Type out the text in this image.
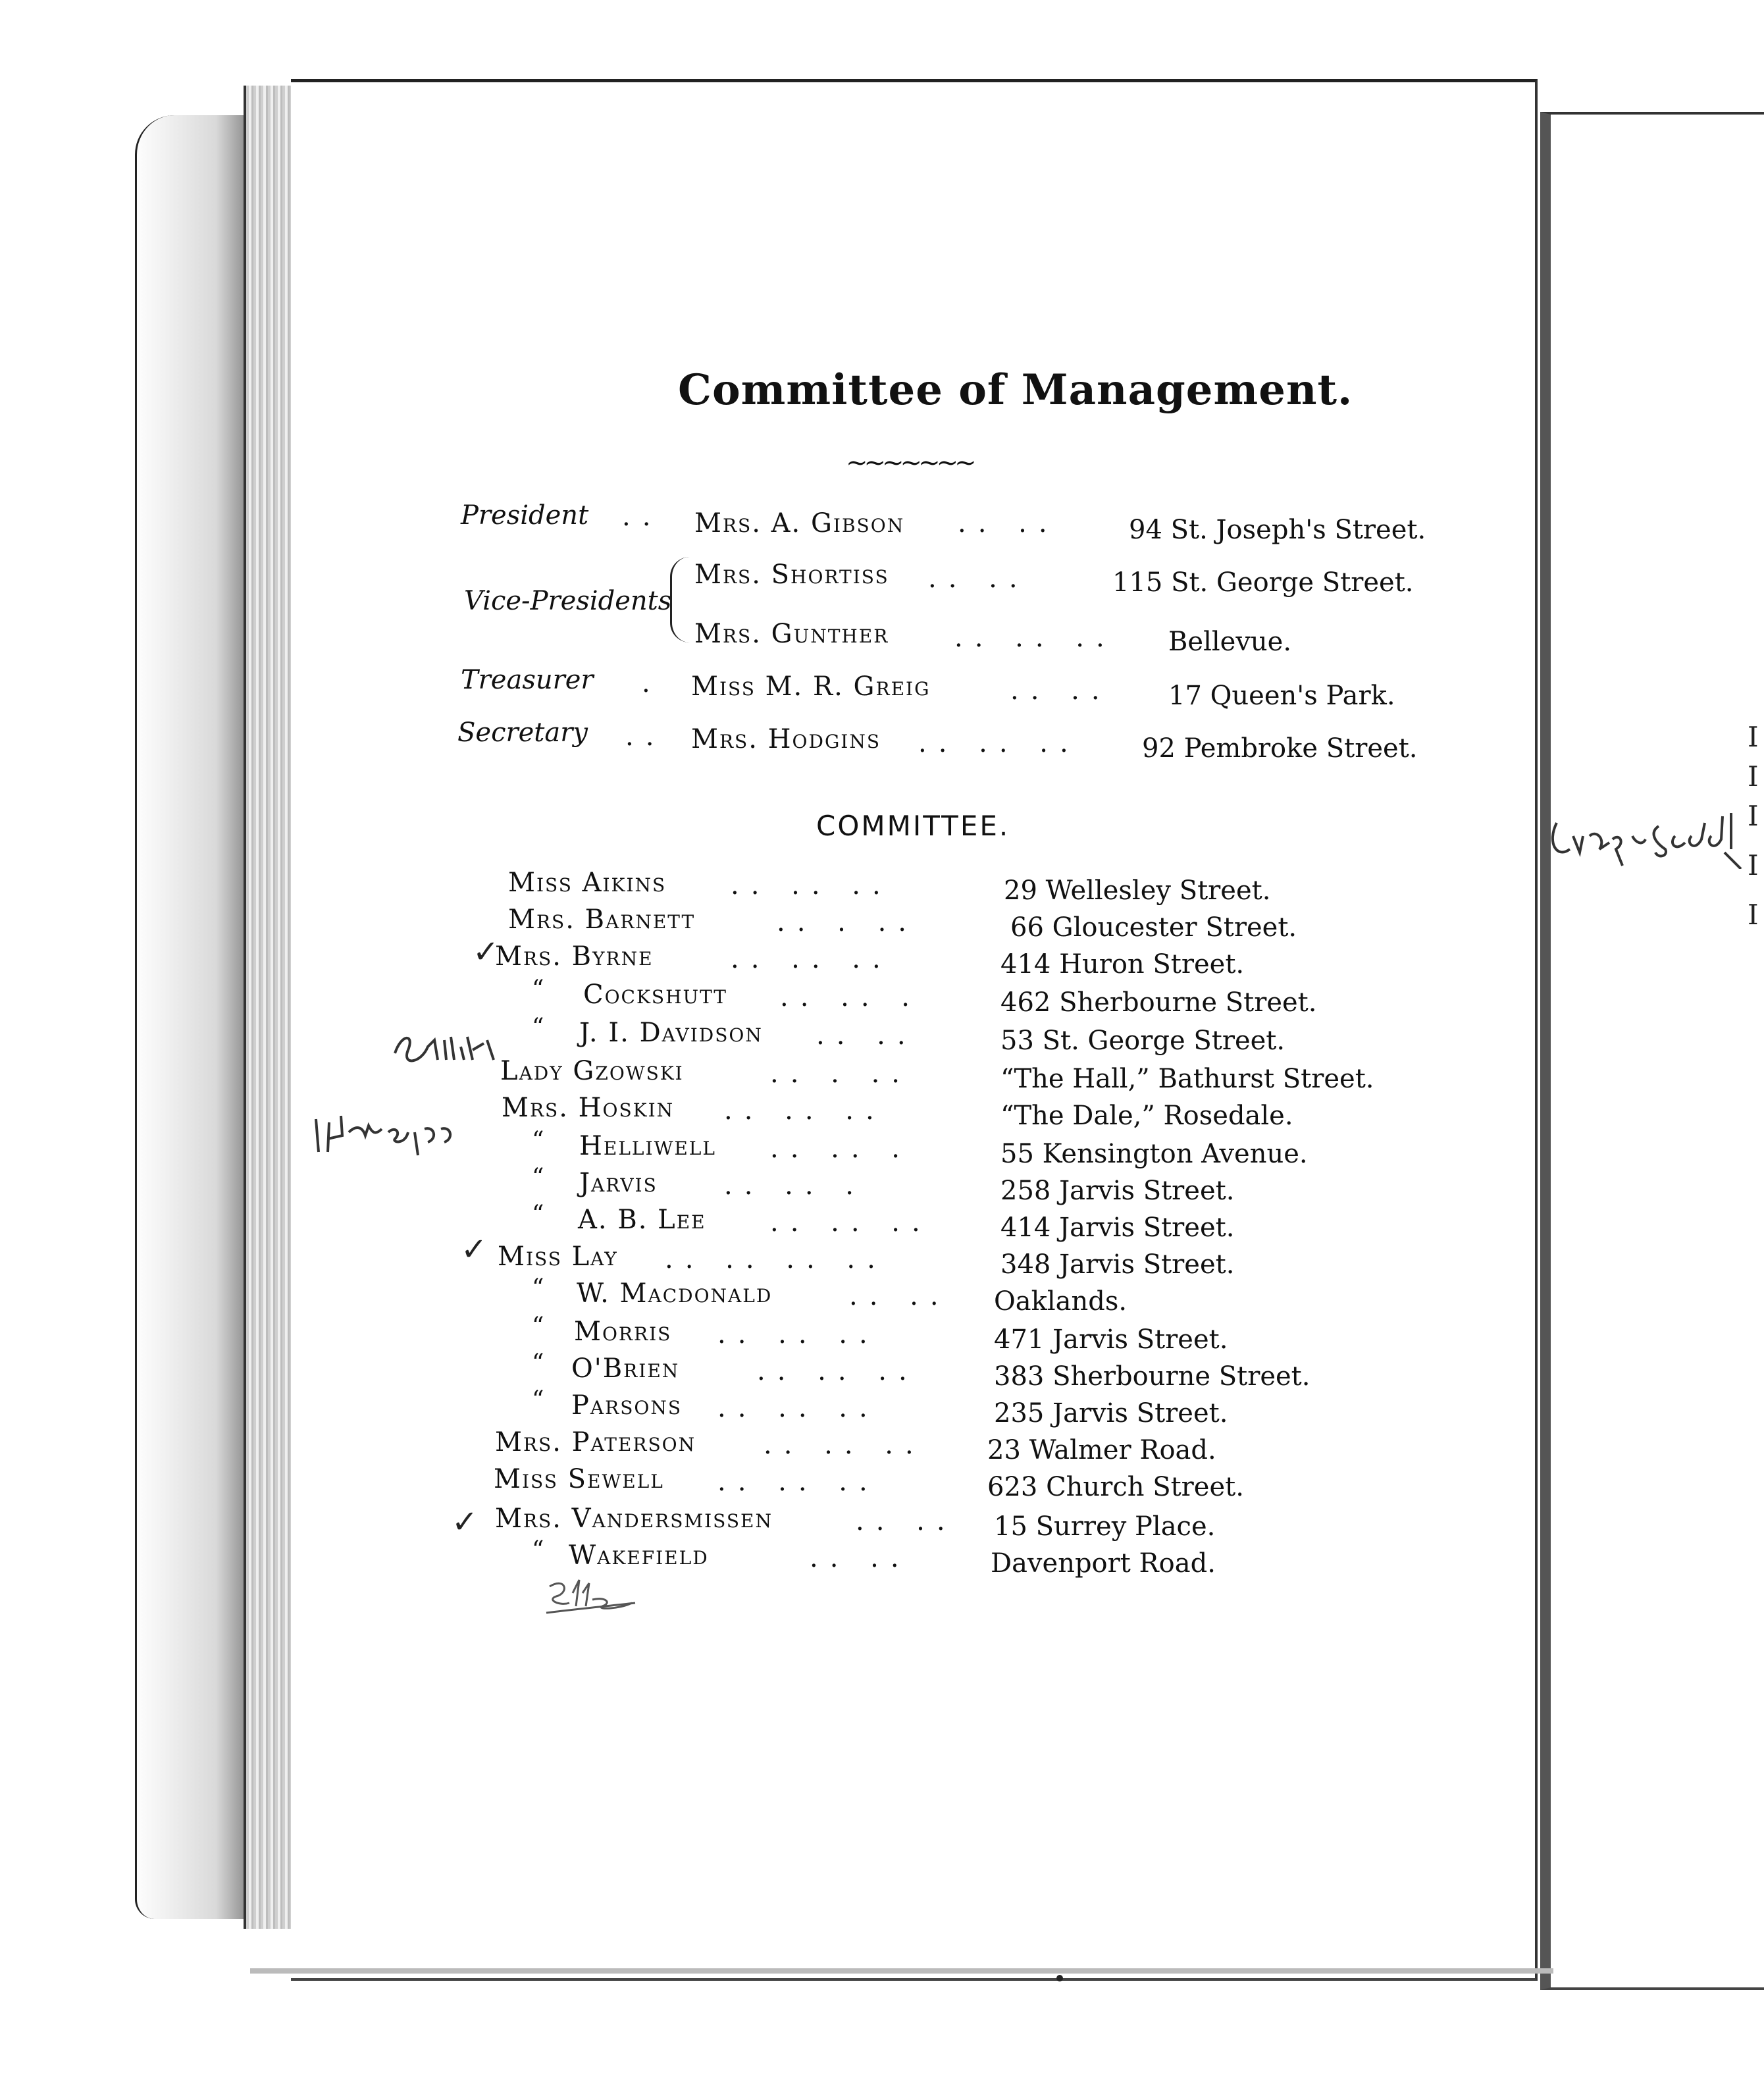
I
I
I
I
I
Committee of Management.
~~~~~~~
President .. Mrs. A. Gibson .. ..	94 St. Joseph's Street.
Vice-Presidents
Mrs. Shortiss .. ..	115 St. George Street.
Mrs. Gunther .. .. .. Bellevue.
Treasurer . Miss M. R. Greig	.. .. 17 Queen's Park.
Secretary .. Mrs. Hodgins .. .. .. 92 Pembroke Street.
COMMITTEE.
Miss Aikins .. .. ..	29 Wellesley Street.
Mrs. Barnett	.. . ..	66 Gloucester Street.
Mrs. Byrne	.. .. ..	414 Huron Street.
“ Cockshutt .. .. .	462 Sherbourne Street.
“ J. I. Davidson .. ..	53 St. George Street.
Lady Gzowski	.. . ..	“The Hall,” Bathurst Street.
Mrs. Hoskin .. .. ..	“The Dale,” Rosedale.
“ Helliwell .. .. .	55 Kensington Avenue.
“ Jarvis	.. .. .	258 Jarvis Street.
“ A. B. Lee .. .. ..	414 Jarvis Street.
Miss Lay .. .. .. ..	348 Jarvis Street.
“ W. Macdonald	.. .. Oaklands.
“ Morris .. .. ..	471 Jarvis Street.
“ O'Brien	.. .. ..	383 Sherbourne Street.
“ Parsons .. .. ..	235 Jarvis Street.
Mrs. Paterson	.. .. .. 23 Walmer Road.
Miss Sewell .. .. ..	623 Church Street.
Mrs. Vandersmissen	.. .. 15 Surrey Place.
“ Wakefield	.. ..	Davenport Road.
✓
✓
✓
